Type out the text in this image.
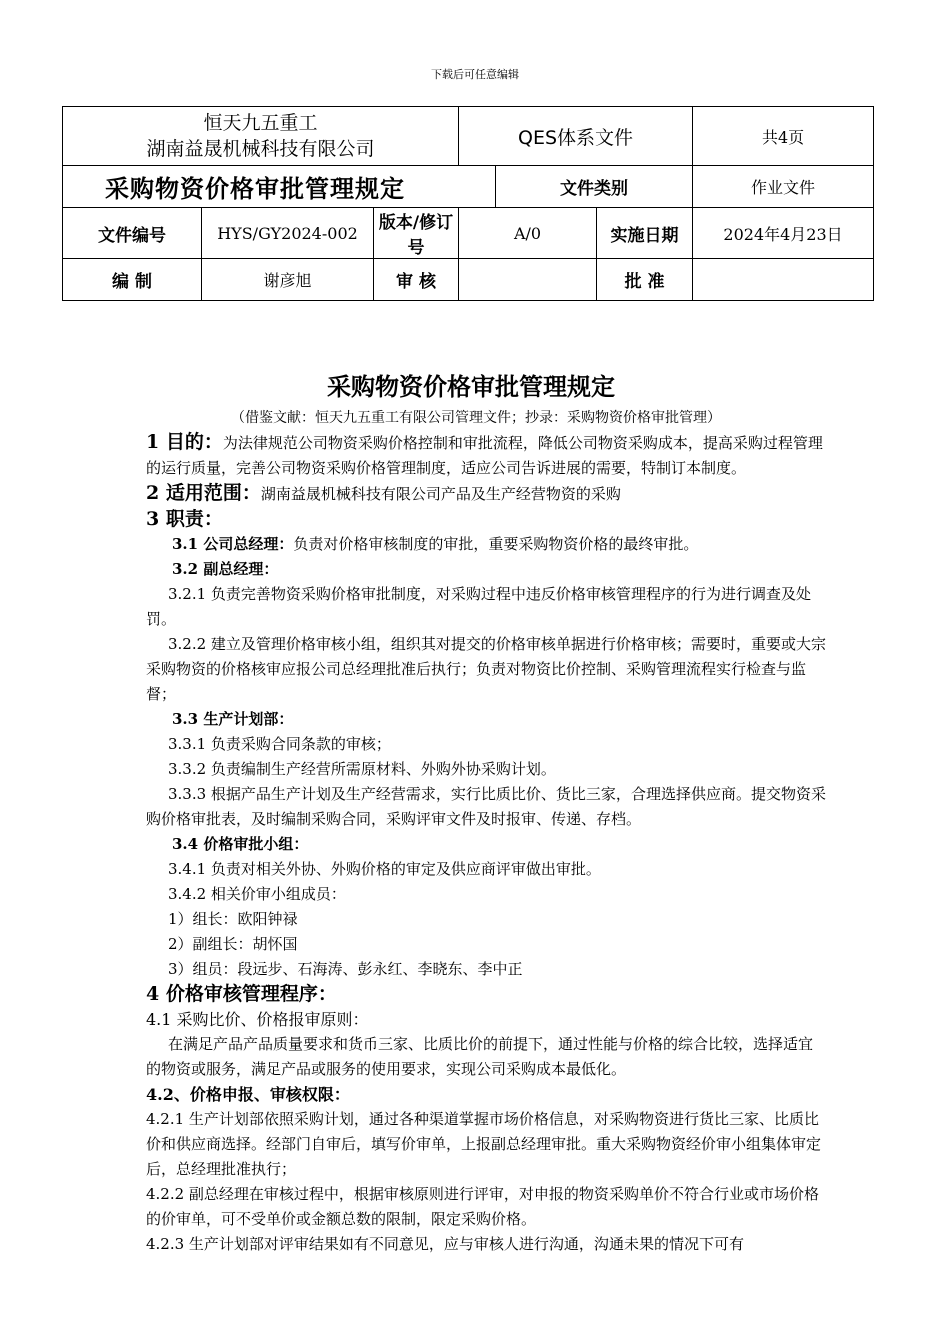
下载后可任意编辑
恒天九五重工
湖南益晟机械科技有限公司			QES体系文件			共4页
采购物资价格审批管理规定				文件类别		作业文件
文件编号	HYS/GY2024-002	版本/修订号	A/0		实施日期	2024年4月23日
编 制	谢彦旭	审 核			批 准	

采购物资价格审批管理规定

（借鉴文献：恒天九五重工有限公司管理文件；抄录：采购物资价格审批管理）

1 目的：为法律规范公司物资采购价格控制和审批流程，降低公司物资采购成本，提高采购过程管理的运行质量，完善公司物资采购价格管理制度，适应公司告诉进展的需要，特制订本制度。

2 适用范围：湖南益晟机械科技有限公司产品及生产经营物资的采购

3 职责：

3.1 公司总经理：负责对价格审核制度的审批，重要采购物资价格的最终审批。

3.2 副总经理：

3.2.1 负责完善物资采购价格审批制度，对采购过程中违反价格审核管理程序的行为进行调查及处罚。

3.2.2 建立及管理价格审核小组，组织其对提交的价格审核单据进行价格审核；需要时，重要或大宗采购物资的价格核审应报公司总经理批准后执行；负责对物资比价控制、采购管理流程实行检查与监督；

3.3 生产计划部：

3.3.1 负责采购合同条款的审核；

3.3.2 负责编制生产经营所需原材料、外购外协采购计划。

3.3.3 根据产品生产计划及生产经营需求，实行比质比价、货比三家，合理选择供应商。提交物资采购价格审批表，及时编制采购合同，采购评审文件及时报审、传递、存档。

3.4 价格审批小组：

3.4.1 负责对相关外协、外购价格的审定及供应商评审做出审批。

3.4.2 相关价审小组成员：

1）组长：欧阳钟禄

2）副组长：胡怀国

3）组员：段远步、石海涛、彭永红、李晓东、李中正

4 价格审核管理程序：

4.1 采购比价、价格报审原则：

在满足产品产品质量要求和货币三家、比质比价的前提下，通过性能与价格的综合比较，选择适宜的物资或服务，满足产品或服务的使用要求，实现公司采购成本最低化。

4.2、价格申报、审核权限：

4.2.1 生产计划部依照采购计划，通过各种渠道掌握市场价格信息，对采购物资进行货比三家、比质比价和供应商选择。经部门自审后，填写价审单，上报副总经理审批。重大采购物资经价审小组集体审定后，总经理批准执行；

4.2.2 副总经理在审核过程中，根据审核原则进行评审，对申报的物资采购单价不符合行业或市场价格的价审单，可不受单价或金额总数的限制，限定采购价格。

4.2.3 生产计划部对评审结果如有不同意见，应与审核人进行沟通，沟通未果的情况下可有
